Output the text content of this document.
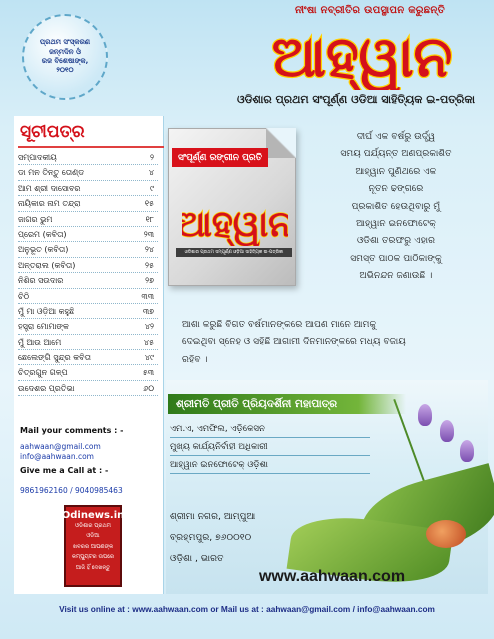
ପ୍ରଥମ ସଂସ୍କରଣ
ଜନ୍ମଦିନ ଓଁ
ରଜ ବିଶେଷାଙ୍କ,
୨୦୧୦
ନୀଂଷା ନବ୍ରୀତିର ଉପସ୍ଥାପନ କରୁଛନ୍ତି
ଆହ୍ୱାନ
ଓଡିଶାର ପ୍ରଥମ ସଂପୂର୍ଣ୍ଣ ଓଡିଆ ସାହିତ୍ୟିକ ଇ-ପତ୍ରିକା
ସୂଚୀପତ୍ର
ସମ୍ପାଦକୀୟ	୨
ଡା ମନ ତିନ୍ତୁ ତୋଣ୍ଡ	୪
ଆମ ଶ୍ରୀ ଦାସୋବର	୯
ନାୟିକାର ନାମ ତନ୍ଦ୍ରା	୧୫
ଜାଗର ଭୁମ	୧୮
ପ୍ରେମ (କବିତା)	୨୩
ଅନୁଭୂତ (କବିତା)	୨୪
ଅନ୍ତରାଲ (କବିତା)	୨୫
ନିଶିର ସଉଦାର	୨୭
ଚିଠି	୩୩
ମୁଁ ମା ଓଡ଼ିଆ କହୁଛି	୩୭
ହସ୍ତ୍ରା ମୋମାଙ୍କ	୪୨
ମୁଁ ଆଉ ଆମେ	୪୫
ଛେଲେଙ୍ଗି ସୁନ୍ଦ୍ର କବିତା	୪୯
ଚିତ୍ରଗୁନ ଗଳ୍ପ	୫୩
ଉଦେଶର ପ୍ରତିଭା	୬୦
Mail your comments : -
aahwaan@gmail.com
info@aahwaan.com
Give me a Call at : -
9861962160 / 9040985463
Odinews.in
ଓଡିଶାର ପ୍ରଥମ ଓଡିଆ
ଖବରର ଆପଣଙ୍କ
କମ୍ପ୍ୟୁଟର ଉପରେ
ଆଜି ହିଁ ଦେଖନ୍ତୁ
ସଂପୂର୍ଣ୍ଣ ରଙ୍ଗୀନ ପ୍ରତି
ଆହ୍ୱାନ
ଓଡିଶାର ପ୍ରଥମ ସମ୍ପୂର୍ଣ୍ଣ ଓଡ଼ିଆ ସାହିତ୍ୟିକ ଇ-ପତ୍ରିକା
ଦୀର୍ଘ ଏକ ବର୍ଷରୁ ଉର୍ଦ୍ଧ୍ୱ
ସମୟ ପର୍ଯ୍ୟନ୍ତ ଅଣପ୍ରକାଶିତ
ଆହ୍ୱାନ ପୁଣିଥରେ ଏକ
ନୂତନ ଢଙ୍ଗରେ
ପ୍ରକାଶିତ ହେଉଥିବାରୁ ମୁଁ
ଆହ୍ୱାନ ଇନଫୋଟେକ୍
ଓଡିଶା ତରଫରୁ ଏହାର
ସମସ୍ତ ପାଠକ ପାଠିକାଙ୍କୁ
ଅଭିନନ୍ଦନ ଜଣାଉଛି ।
ଆଶା କରୁଛି ବିଗତ ବର୍ଷମାନଙ୍କରେ ଆପଣ ମାନେ ଆମକୁ
ଦେଇଥିବା ସ୍ନେହ ଓ ସହିଛି ଆଗାମୀ ଦିନମାନଙ୍କରେ ମଧ୍ୟ ବଜାୟ
ରହିବ ।
ଶ୍ରୀମତି ପ୍ରୀତି ପ୍ରିୟଦର୍ଶିନୀ ମହାପାତ୍ର
ଏମ.ଏ, ଏମଫିଲ, ଏଡ଼ିକେସନ
ମୁଖ୍ୟ କାର୍ଯ୍ୟନିର୍ବାହୀ ଅଧିକାରୀ
ଆହ୍ୱାନ ଇନଫୋଟେକ୍ ଓଡ଼ିଶା
ଶ୍ରୀମା ନଗର, ଆମ୍ପୁଆ
ବ୍ରହ୍ମପୁର, ୭୬୦୦୧୦
ଓଡ଼ିଶା , ଭାରତ
www.aahwaan.com
Visit us online at : www.aahwaan.com or Mail us at : aahwaan@gmail.com / info@aahwaan.com
